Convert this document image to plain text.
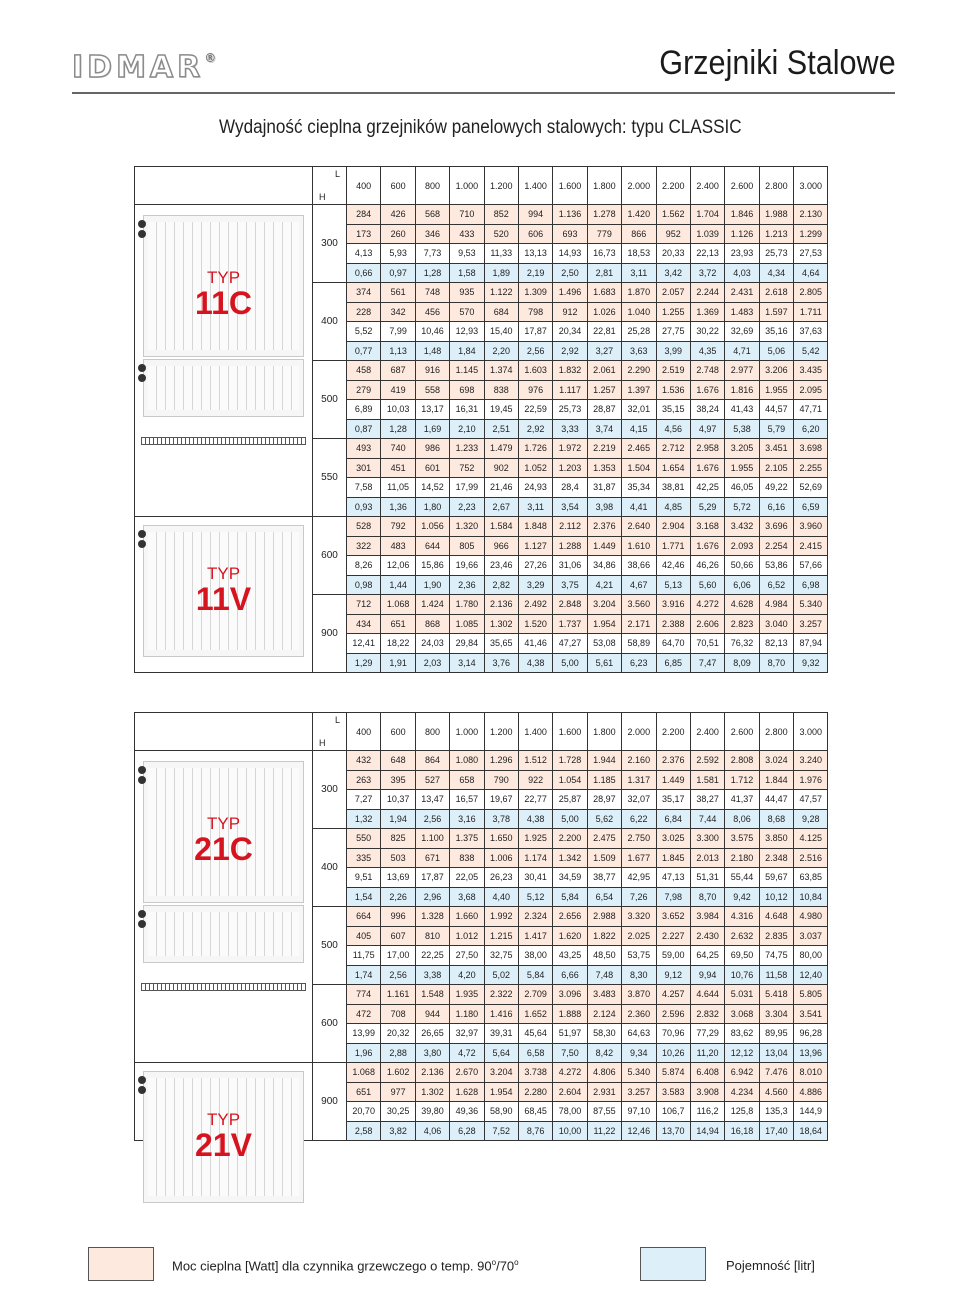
IDMAR®	Grzejniki Stalowe
Wydajność cieplna grzejników panelowych stalowych: typu CLASSIC

	L
H	400	600	800	1.000	1.200	1.400	1.600	1.800	2.000	2.200	2.400	2.600	2.800	3.000

TYP
11C	300	284	426	568	710	852	994	1.136	1.278	1.420	1.562	1.704	1.846	1.988	2.130
		173	260	346	433	520	606	693	779	866	952	1.039	1.126	1.213	1.299
		4,13	5,93	7,73	9,53	11,33	13,13	14,93	16,73	18,53	20,33	22,13	23,93	25,73	27,53
		0,66	0,97	1,28	1,58	1,89	2,19	2,50	2,81	3,11	3,42	3,72	4,03	4,34	4,64
	400	374	561	748	935	1.122	1.309	1.496	1.683	1.870	2.057	2.244	2.431	2.618	2.805
		228	342	456	570	684	798	912	1.026	1.040	1.255	1.369	1.483	1.597	1.711
		5,52	7,99	10,46	12,93	15,40	17,87	20,34	22,81	25,28	27,75	30,22	32,69	35,16	37,63
		0,77	1,13	1,48	1,84	2,20	2,56	2,92	3,27	3,63	3,99	4,35	4,71	5,06	5,42
	500	458	687	916	1.145	1.374	1.603	1.832	2.061	2.290	2.519	2.748	2.977	3.206	3.435
		279	419	558	698	838	976	1.117	1.257	1.397	1.536	1.676	1.816	1.955	2.095
		6,89	10,03	13,17	16,31	19,45	22,59	25,73	28,87	32,01	35,15	38,24	41,43	44,57	47,71
		0,87	1,28	1,69	2,10	2,51	2,92	3,33	3,74	4,15	4,56	4,97	5,38	5,79	6,20
	550	493	740	986	1.233	1.479	1.726	1.972	2.219	2.465	2.712	2.958	3.205	3.451	3.698
		301	451	601	752	902	1.052	1.203	1.353	1.504	1.654	1.676	1.955	2.105	2.255
		7,58	11,05	14,52	17,99	21,46	24,93	28,4	31,87	35,34	38,81	42,25	46,05	49,22	52,69
		0,93	1,36	1,80	2,23	2,67	3,11	3,54	3,98	4,41	4,85	5,29	5,72	6,16	6,59

TYP
11V	600	528	792	1.056	1.320	1.584	1.848	2.112	2.376	2.640	2.904	3.168	3.432	3.696	3.960
		322	483	644	805	966	1.127	1.288	1.449	1.610	1.771	1.676	2.093	2.254	2.415
		8,26	12,06	15,86	19,66	23,46	27,26	31,06	34,86	38,66	42,46	46,26	50,66	53,86	57,66
		0,98	1,44	1,90	2,36	2,82	3,29	3,75	4,21	4,67	5,13	5,60	6,06	6,52	6,98
	900	712	1.068	1.424	1.780	2.136	2.492	2.848	3.204	3.560	3.916	4.272	4.628	4.984	5.340
		434	651	868	1.085	1.302	1.520	1.737	1.954	2.171	2.388	2.606	2.823	3.040	3.257
		12,41	18,22	24,03	29,84	35,65	41,46	47,27	53,08	58,89	64,70	70,51	76,32	82,13	87,94
		1,29	1,91	2,03	3,14	3,76	4,38	5,00	5,61	6,23	6,85	7,47	8,09	8,70	9,32

	L
H	400	600	800	1.000	1.200	1.400	1.600	1.800	2.000	2.200	2.400	2.600	2.800	3.000

TYP
21C	300	432	648	864	1.080	1.296	1.512	1.728	1.944	2.160	2.376	2.592	2.808	3.024	3.240
		263	395	527	658	790	922	1.054	1.185	1.317	1.449	1.581	1.712	1.844	1.976
		7,27	10,37	13,47	16,57	19,67	22,77	25,87	28,97	32,07	35,17	38,27	41,37	44,47	47,57
		1,32	1,94	2,56	3,16	3,78	4,38	5,00	5,62	6,22	6,84	7,44	8,06	8,68	9,28
	400	550	825	1.100	1.375	1.650	1.925	2.200	2.475	2.750	3.025	3.300	3.575	3.850	4.125
		335	503	671	838	1.006	1.174	1.342	1.509	1.677	1.845	2.013	2.180	2.348	2.516
		9,51	13,69	17,87	22,05	26,23	30,41	34,59	38,77	42,95	47,13	51,31	55,44	59,67	63,85
		1,54	2,26	2,96	3,68	4,40	5,12	5,84	6,54	7,26	7,98	8,70	9,42	10,12	10,84
	500	664	996	1.328	1.660	1.992	2.324	2.656	2.988	3.320	3.652	3.984	4.316	4.648	4.980
		405	607	810	1.012	1.215	1.417	1.620	1.822	2.025	2.227	2.430	2.632	2.835	3.037
		11,75	17,00	22,25	27,50	32,75	38,00	43,25	48,50	53,75	59,00	64,25	69,50	74,75	80,00
		1,74	2,56	3,38	4,20	5,02	5,84	6,66	7,48	8,30	9,12	9,94	10,76	11,58	12,40
	600	774	1.161	1.548	1.935	2.322	2.709	3.096	3.483	3.870	4.257	4.644	5.031	5.418	5.805
		472	708	944	1.180	1.416	1.652	1.888	2.124	2.360	2.596	2.832	3.068	3.304	3.541
		13,99	20,32	26,65	32,97	39,31	45,64	51,97	58,30	64,63	70,96	77,29	83,62	89,95	96,28
		1,96	2,88	3,80	4,72	5,64	6,58	7,50	8,42	9,34	10,26	11,20	12,12	13,04	13,96

TYP
21V	900	1.068	1.602	2.136	2.670	3.204	3.738	4.272	4.806	5.340	5.874	6.408	6.942	7.476	8.010
		651	977	1.302	1.628	1.954	2.280	2.604	2.931	3.257	3.583	3.908	4.234	4.560	4.886
		20,70	30,25	39,80	49,36	58,90	68,45	78,00	87,55	97,10	106,7	116,2	125,8	135,3	144,9
		2,58	3,82	4,06	6,28	7,52	8,76	10,00	11,22	12,46	13,70	14,94	16,18	17,40	18,64
Moc cieplna [Watt] dla czynnika grzewczego o temp. 90$^o$/70$^o$	Pojemność [litr]
